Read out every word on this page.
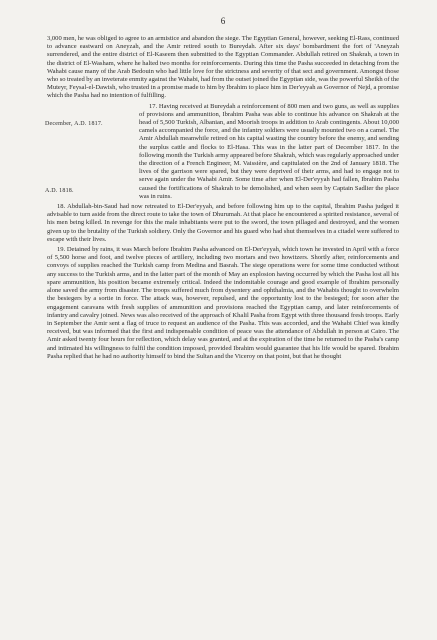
6

3,000 men, he was obliged to agree to an armistice and abandon the siege. The Egyptian General, however, seeking El-Rass, continued to advance eastward on Aneyzah, and the Amir retired south to Bureydah. After six days' bombardment the fort of 'Aneyzah surrendered, and the entire district of El-Kaseem then submitted to the Egyptian Commander. Abdullah retired on Shakrah, a town in the district of El-Washam, where he halted two months for reinforcements. During this time the Pasha succeeded in detaching from the Wahabi cause many of the Arab Bedouin who had little love for the strictness and severity of that sect and government. Amongst those who so treated by an inveterate enmity against the Wahabi, had from the outset joined the Egyptian side, was the powerful Sheikh of the Muteyr, Feysal-el-Dawish, who trusted in a promise made to him by Ibrahim to place him in Der'eyyah as Governor of Nejd, a promise which the Pasha had no intention of fulfilling.

December, A.D. 1817.
A.D. 1818.

17. Having received at Bureydah a reinforcement of 800 men and two guns, as well as supplies of provisions and ammunition, Ibrahim Pasha was able to continue his advance on Shakrah at the head of 5,500 Turkish, Albanian, and Moorish troops in addition to Arab contingents. About 10,000 camels accompanied the force, and the infantry soldiers were usually mounted two on a camel. The Amir Abdullah meanwhile retired on his capital wasting the country before the enemy, and sending the surplus cattle and flocks to El-Hasa. This was in the latter part of December 1817. In the following month the Turkish army appeared before Shakrah, which was regularly approached under the direction of a French Engineer, M. Vaissière, and capitulated on the 2nd of January 1818. The lives of the garrison were spared, but they were deprived of their arms, and had to engage not to serve again under the Wahabi Amir. Some time after when El-Der'eyyah had fallen, Ibrahim Pasha caused the fortifications of Shakrah to be demolished, and when seen by Captain Sadlier the place was in ruins.

18. Abdullah-bin-Saud had now retreated to El-Der'eyyah, and before following him up to the capital, Ibrahim Pasha judged it advisable to turn aside from the direct route to take the town of Dhurumah. At that place he encountered a spirited resistance, several of his men being killed. In revenge for this the male inhabitants were put to the sword, the town pillaged and destroyed, and the women given up to the brutality of the Turkish soldiery. Only the Governor and his guard who had shut themselves in a citadel were suffered to escape with their lives.

19. Detained by rains, it was March before Ibrahim Pasha advanced on El-Der'eyyah, which town he invested in April with a force of 5,500 horse and foot, and twelve pieces of artillery, including two mortars and two howitzers. Shortly after, reinforcements and convoys of supplies reached the Turkish camp from Medina and Basrah. The siege operations were for some time conducted without any success to the Turkish arms, and in the latter part of the month of May an explosion having occurred by which the Pasha lost all his spare ammunition, his position became extremely critical. Indeed the indomitable courage and good example of Ibrahim personally alone saved the army from disaster. The troops suffered much from dysentery and ophthalmia, and the Wahabis thought to overwhelm the besiegers by a sortie in force. The attack was, however, repulsed, and the opportunity lost to the besieged; for soon after the engagement caravans with fresh supplies of ammunition and provisions reached the Egyptian camp, and later reinforcements of infantry and cavalry joined. News was also received of the approach of Khalil Pasha from Egypt with three thousand fresh troops. Early in September the Amir sent a flag of truce to request an audience of the Pasha. This was accorded, and the Wahabi Chief was kindly received, but was informed that the first and indispensable condition of peace was the attendance of Abdullah in person at Cairo. The Amir asked twenty four hours for reflection, which delay was granted, and at the expiration of the time he returned to the Pasha's camp and intimated his willingness to fulfil the condition imposed, provided Ibrahim would guarantee that his life would be spared. Ibrahim Pasha replied that he had no authority himself to bind the Sultan and the Viceroy on that point, but that he thought
